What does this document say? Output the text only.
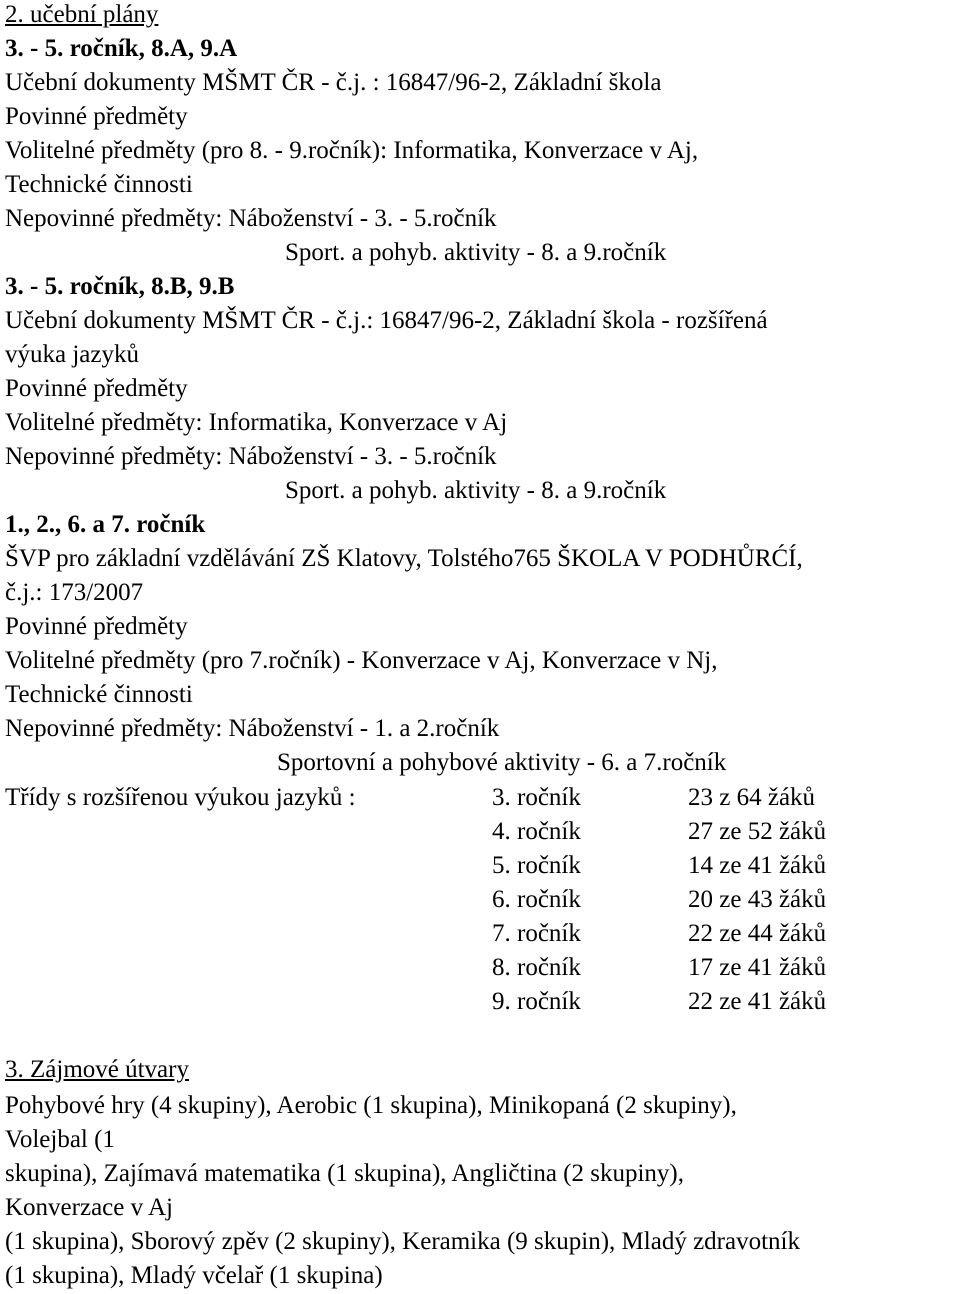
2. učební plány
3. - 5. ročník, 8.A, 9.A
Učební dokumenty MŠMT ČR - č.j. : 16847/96-2, Základní škola
Povinné předměty
Volitelné předměty (pro 8. - 9.ročník): Informatika, Konverzace v Aj,
Technické činnosti
Nepovinné předměty: Náboženství - 3. - 5.ročník
Sport. a pohyb. aktivity - 8. a 9.ročník
3. - 5. ročník, 8.B, 9.B
Učební dokumenty MŠMT ČR - č.j.: 16847/96-2, Základní škola - rozšířená
výuka jazyků
Povinné předměty
Volitelné předměty: Informatika, Konverzace v Aj
Nepovinné předměty: Náboženství - 3. - 5.ročník
Sport. a pohyb. aktivity - 8. a 9.ročník
1., 2., 6. a 7. ročník
ŠVP pro základní vzdělávání ZŠ Klatovy, Tolstého765 ŠKOLA V PODHŮRĆÍ,
č.j.: 173/2007
Povinné předměty
Volitelné předměty (pro 7.ročník) - Konverzace v Aj, Konverzace v Nj,
Technické činnosti
Nepovinné předměty: Náboženství - 1. a 2.ročník
Sportovní a pohybové aktivity - 6. a 7.ročník
Třídy s rozšířenou výukou jazyků :	3. ročník	23 z 64 žáků
4. ročník	27 ze 52 žáků
5. ročník	14 ze 41 žáků
6. ročník	20 ze 43 žáků
7. ročník	22 ze 44 žáků
8. ročník	17 ze 41 žáků
9. ročník	22 ze 41 žáků
3. Zájmové útvary
Pohybové hry (4 skupiny), Aerobic (1 skupina), Minikopaná (2 skupiny),
Volejbal (1
skupina), Zajímavá matematika (1 skupina), Angličtina (2 skupiny),
Konverzace v Aj
(1 skupina), Sborový zpěv (2 skupiny), Keramika (9 skupin), Mladý zdravotník
(1 skupina), Mladý včelař (1 skupina)
